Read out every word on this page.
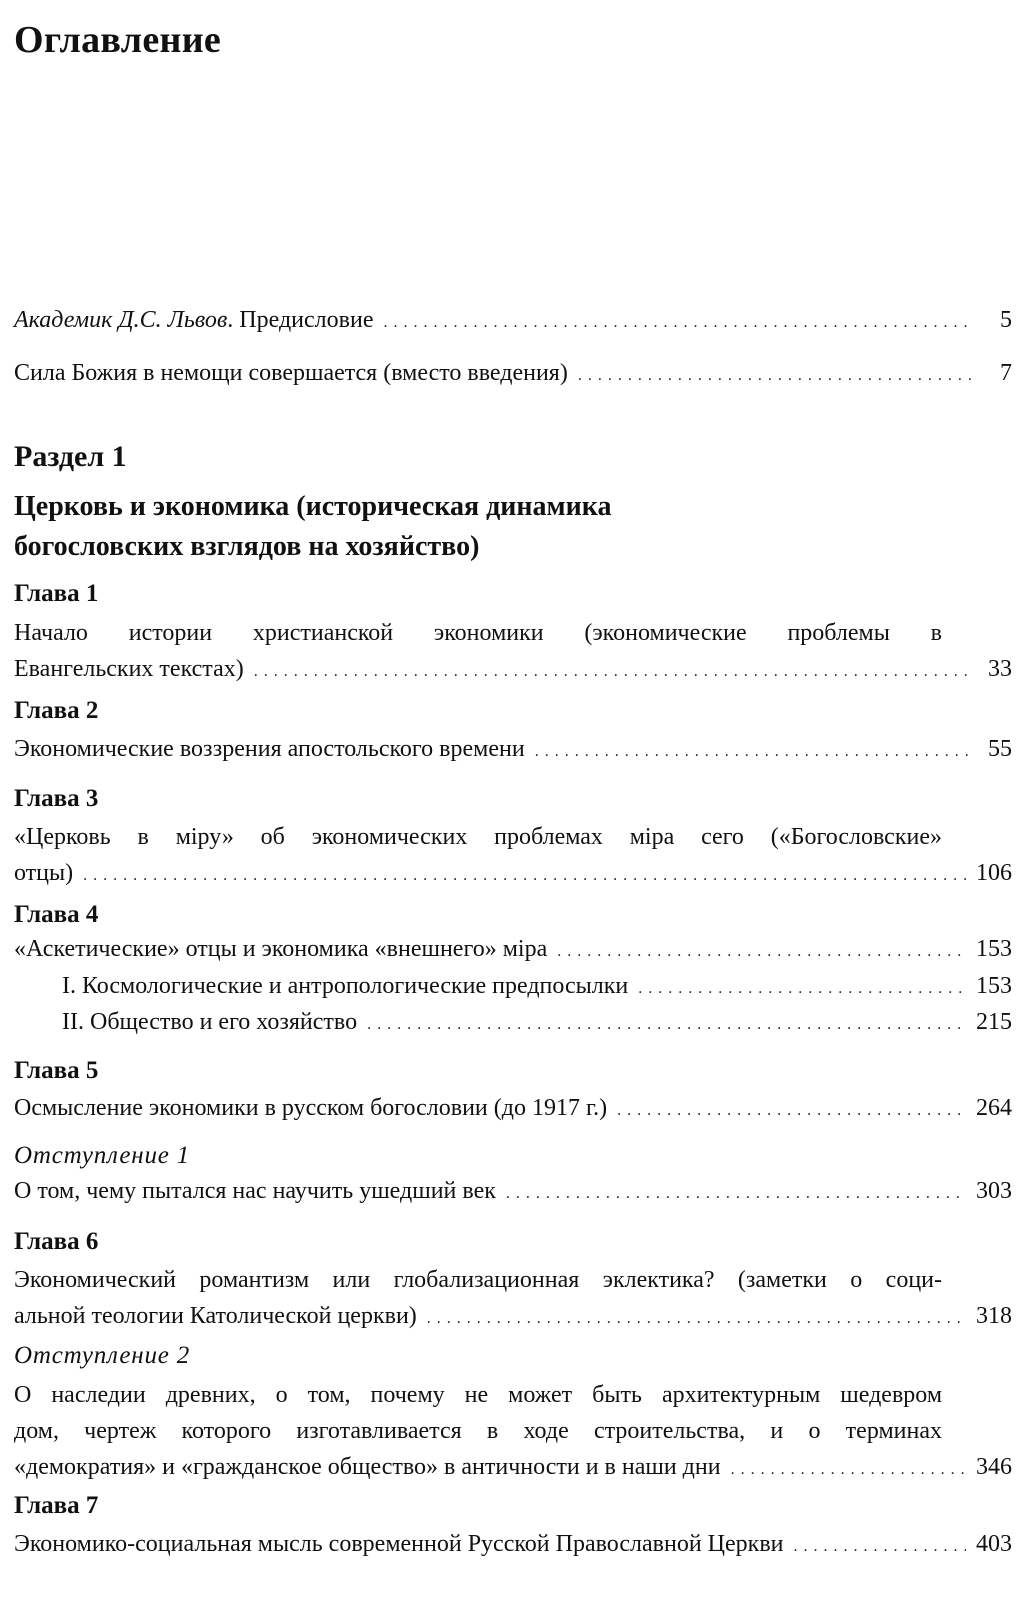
Оглавление
Академик Д.С. Львов. Предисловие . . .	5
Сила Божия в немощи совершается (вместо введения) . . .	7
Раздел 1
Церковь и экономика (историческая динамика
богословских взглядов на хозяйство)
Глава 1
Начало истории христианской экономики (экономические проблемы в
Евангельских текстах) . . .	33
Глава 2
Экономические воззрения апостольского времени . . .	55
Глава 3
«Церковь в міру» об экономических проблемах міра сего («Богословские»
отцы) . . .	106
Глава 4
«Аскетические» отцы и экономика «внешнего» міра . . .	153
I. Космологические и антропологические предпосылки . . .	153
II. Общество и его хозяйство . . .	215
Глава 5
Осмысление экономики в русском богословии (до 1917 г.) . . .	264
Отступление 1
О том, чему пытался нас научить ушедший век . . .	303
Глава 6
Экономический романтизм или глобализационная эклектика? (заметки о соци-
альной теологии Католической церкви) . . .	318
Отступление 2
О наследии древних, о том, почему не может быть архитектурным шедевром
дом, чертеж которого изготавливается в ходе строительства, и о терминах
«демократия» и «гражданское общество» в античности и в наши дни . . .	346
Глава 7
Экономико-социальная мысль современной Русской Православной Церкви . . .	403
